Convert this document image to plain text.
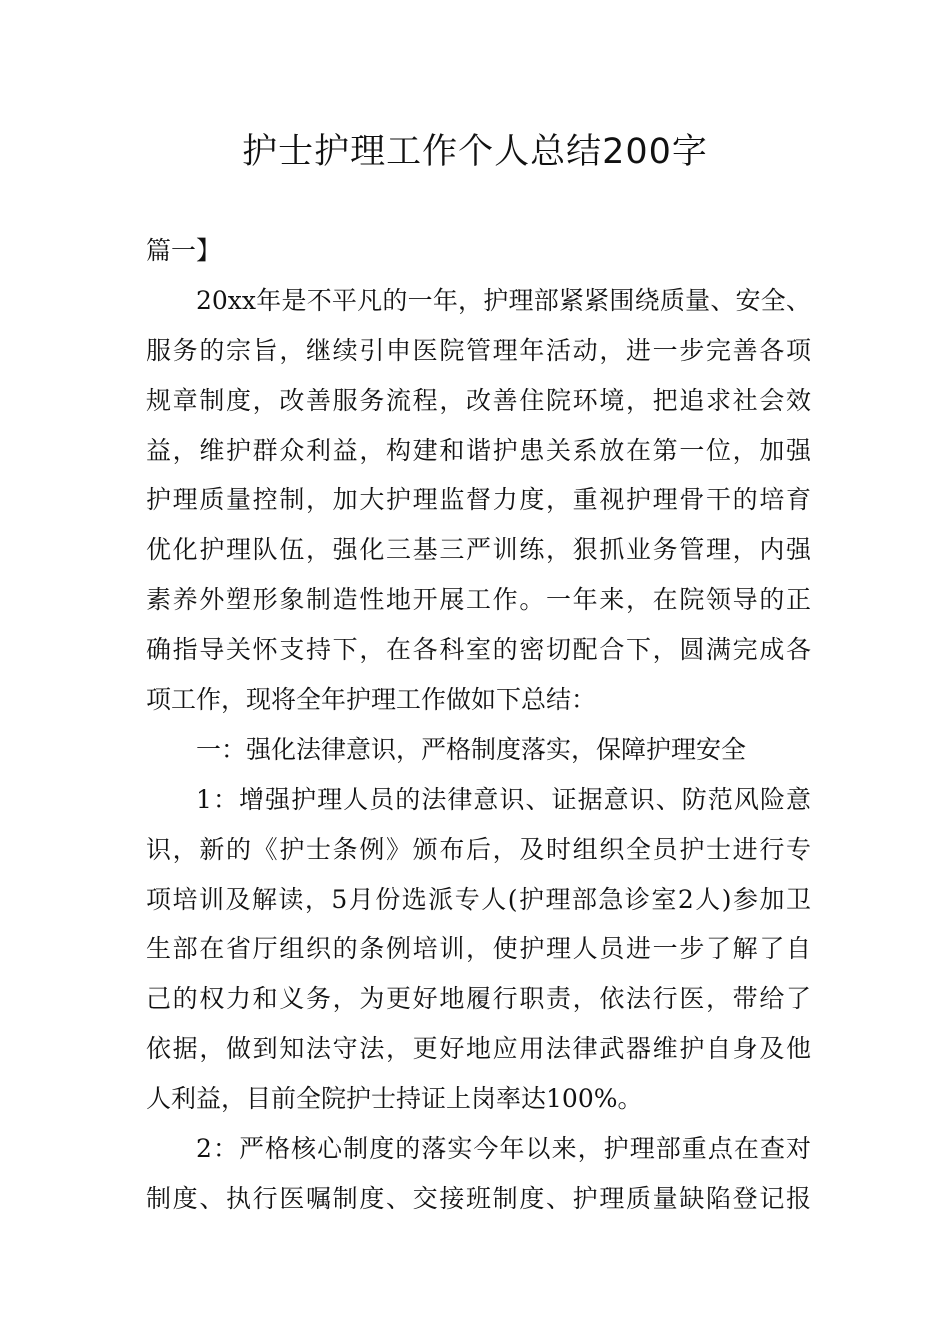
护士护理工作个人总结200字
篇一】
20xx年是不平凡的一年，护理部紧紧围绕质量、安全、
服务的宗旨，继续引申医院管理年活动，进一步完善各项
规章制度，改善服务流程，改善住院环境，把追求社会效
益，维护群众利益，构建和谐护患关系放在第一位，加强
护理质量控制，加大护理监督力度，重视护理骨干的培育
优化护理队伍，强化三基三严训练，狠抓业务管理，内强
素养外塑形象制造性地开展工作。一年来，在院领导的正
确指导关怀支持下，在各科室的密切配合下，圆满完成各
项工作，现将全年护理工作做如下总结：
一：强化法律意识，严格制度落实，保障护理安全
1：增强护理人员的法律意识、证据意识、防范风险意
识，新的《护士条例》颁布后，及时组织全员护士进行专
项培训及解读，5月份选派专人(护理部急诊室2人)参加卫
生部在省厅组织的条例培训，使护理人员进一步了解了自
己的权力和义务，为更好地履行职责，依法行医，带给了
依据，做到知法守法，更好地应用法律武器维护自身及他
人利益，目前全院护士持证上岗率达100%。
2：严格核心制度的落实今年以来，护理部重点在查对
制度、执行医嘱制度、交接班制度、护理质量缺陷登记报
